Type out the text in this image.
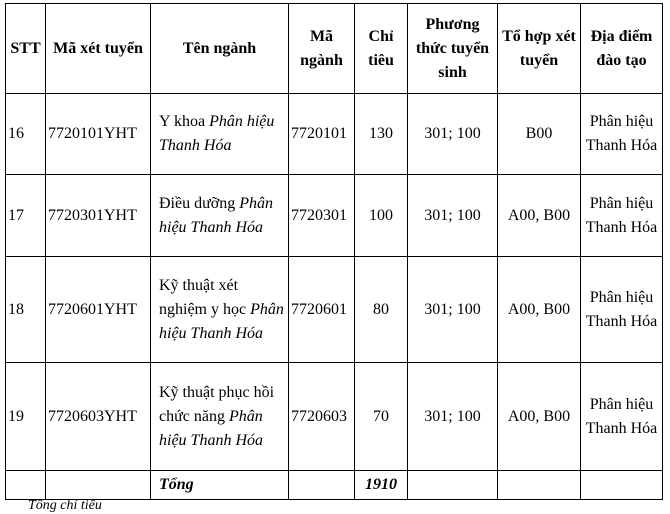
STT	Mã xét tuyển	Tên ngành	Mã ngành	Chỉ tiêu	Phương thức tuyển sinh	Tổ hợp xét tuyển	Địa điểm đào tạo
16	7720101YHT	Y khoa Phân hiệu Thanh Hóa	7720101	130	301; 100	B00	Phân hiệu Thanh Hóa
17	7720301YHT	Điều dưỡng Phân hiệu Thanh Hóa	7720301	100	301; 100	A00, B00	Phân hiệu Thanh Hóa
18	7720601YHT	Kỹ thuật xét nghiệm y học Phân hiệu Thanh Hóa	7720601	80	301; 100	A00, B00	Phân hiệu Thanh Hóa
19	7720603YHT	Kỹ thuật phục hồi chức năng Phân hiệu Thanh Hóa	7720603	70	301; 100	A00, B00	Phân hiệu Thanh Hóa
		Tổng		1910			
Tổng chỉ tiêu
